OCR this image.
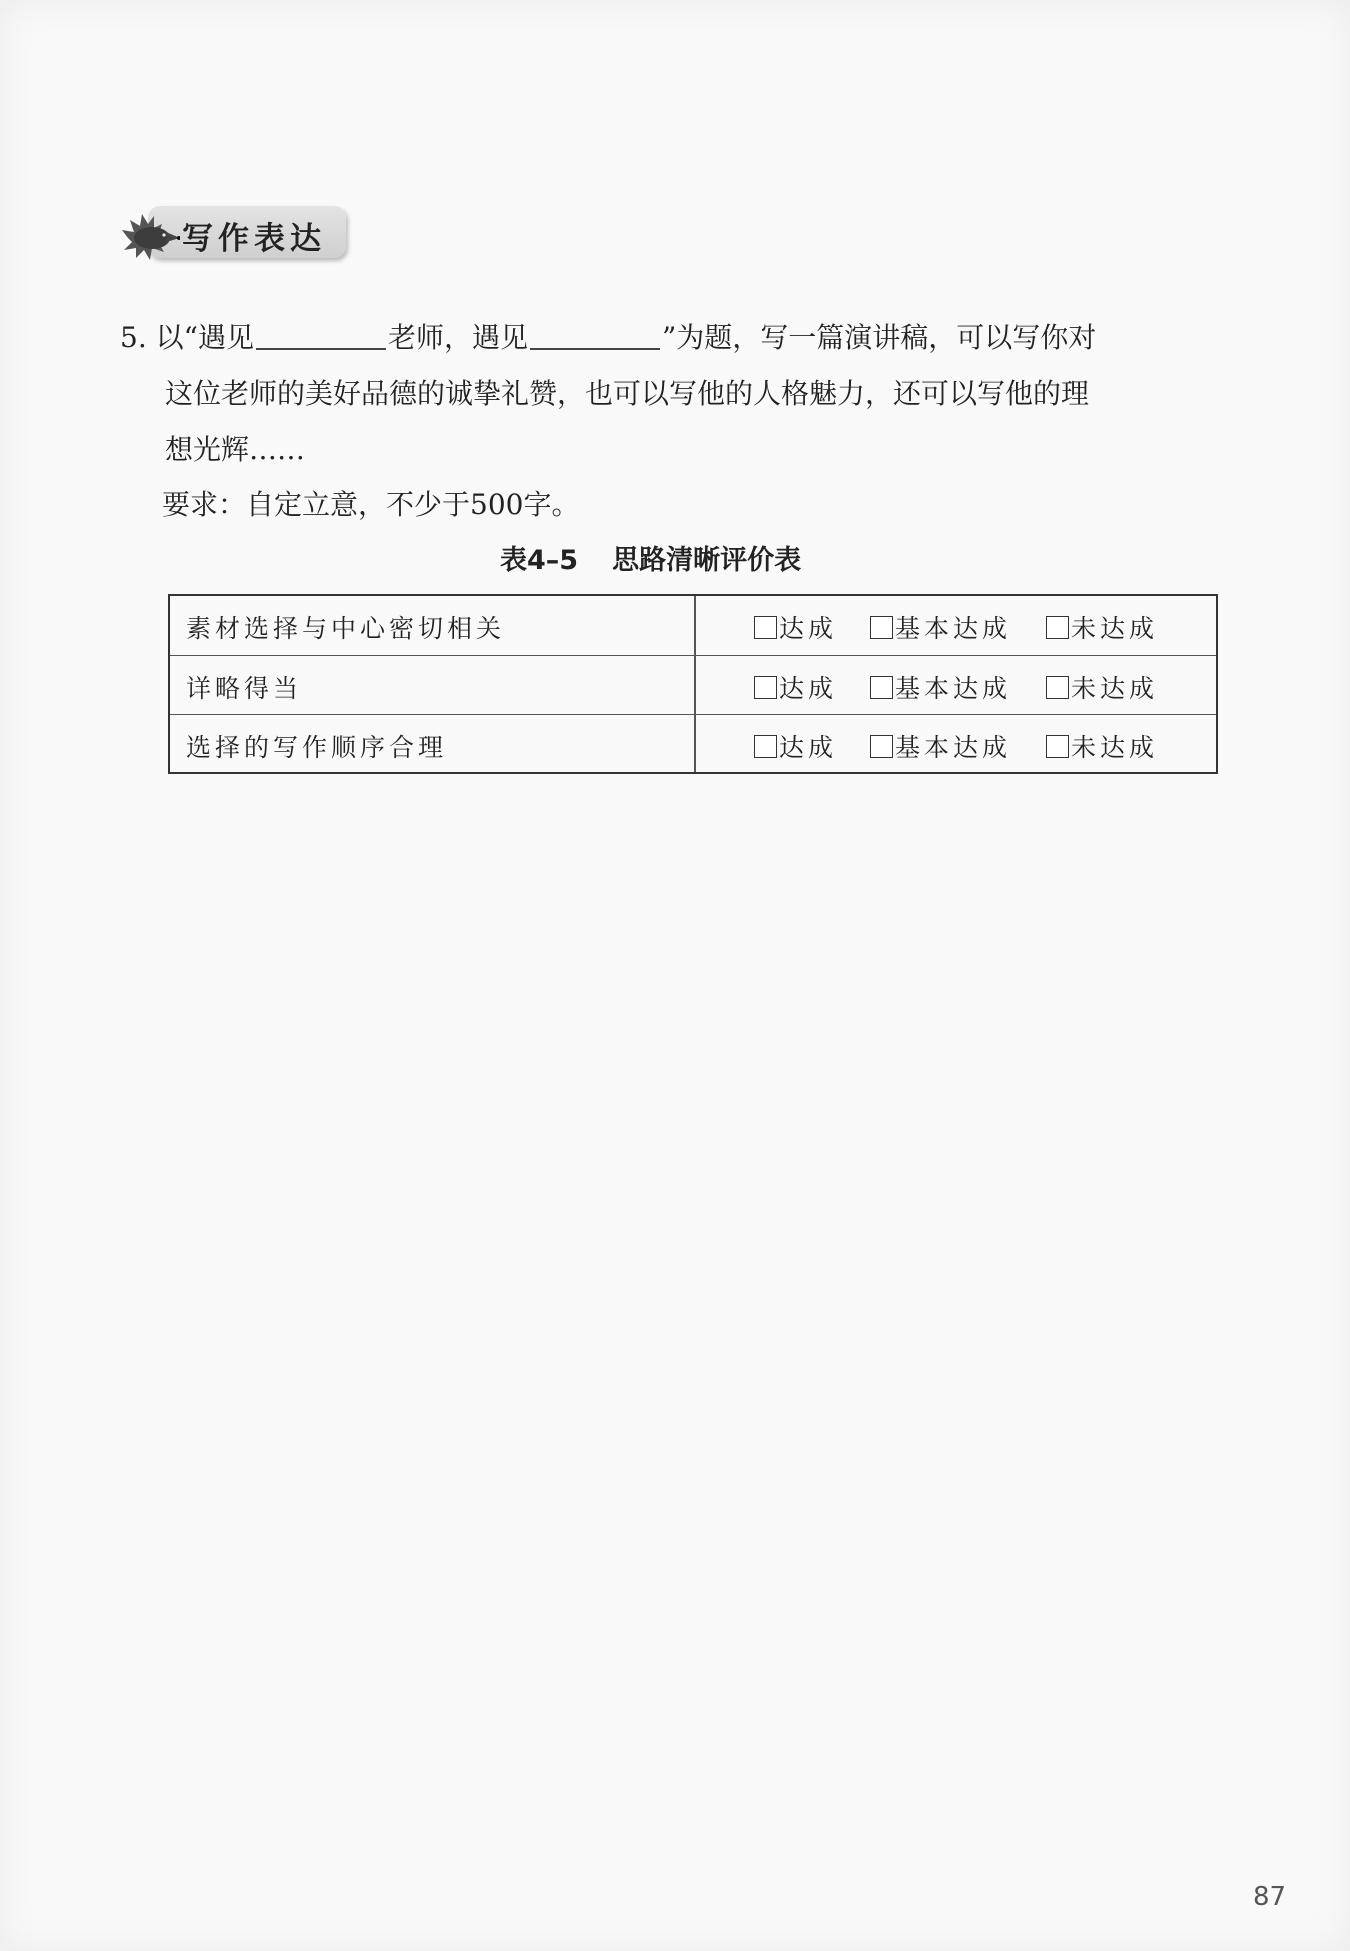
写作表达
5. 以“遇见	老师，遇见	”为题，写一篇演讲稿，可以写你对
这位老师的美好品德的诚挚礼赞，也可以写他的人格魅力，还可以写他的理
想光辉……
要求：自定立意，不少于500字。
表4–5 思路清晰评价表
素材选择与中心密切相关	达成	基本达成	未达成
详略得当	达成	基本达成	未达成
选择的写作顺序合理	达成	基本达成	未达成
87
